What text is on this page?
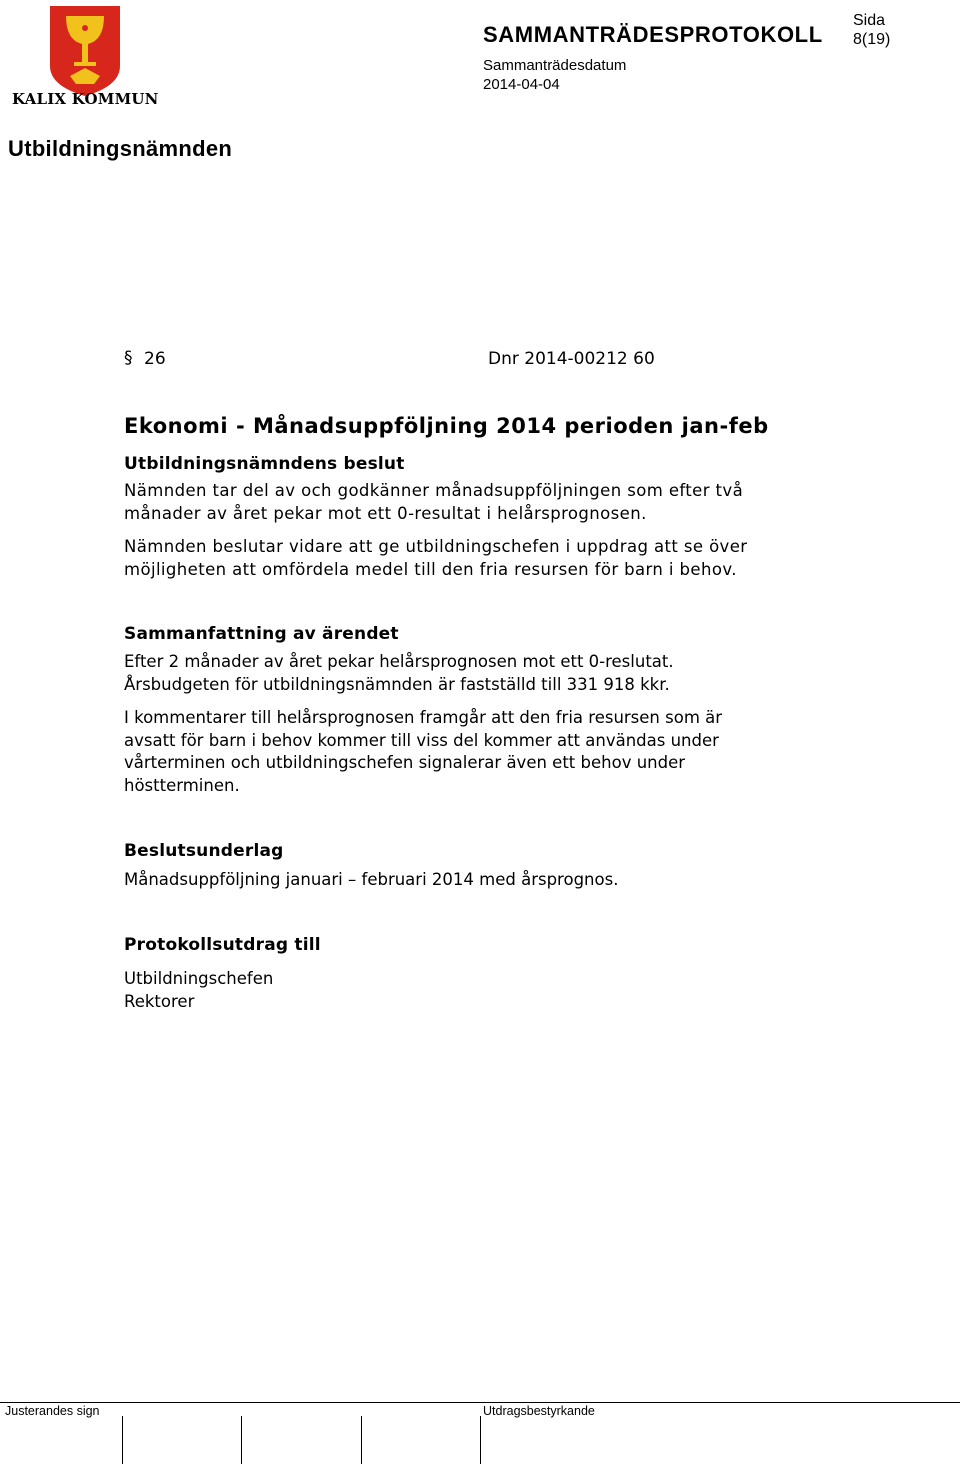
KALIX KOMMUN
SAMMANTRÄDESPROTOKOLL
Sida
8(19)
Sammanträdesdatum
2014-04-04
Utbildningsnämnden
§ 26	Dnr 2014-00212 60
Ekonomi - Månadsuppföljning 2014 perioden jan-feb
Utbildningsnämndens beslut
Nämnden tar del av och godkänner månadsuppföljningen som efter två
månader av året pekar mot ett 0-resultat i helårsprognosen.
Nämnden beslutar vidare att ge utbildningschefen i uppdrag att se över
möjligheten att omfördela medel till den fria resursen för barn i behov.
Sammanfattning av ärendet
Efter 2 månader av året pekar helårsprognosen mot ett 0-reslutat.
Årsbudgeten för utbildningsnämnden är fastställd till 331 918 kkr.
I kommentarer till helårsprognosen framgår att den fria resursen som är
avsatt för barn i behov kommer till viss del kommer att användas under
vårterminen och utbildningschefen signalerar även ett behov under
höstterminen.
Beslutsunderlag
Månadsuppföljning januari – februari 2014 med årsprognos.
Protokollsutdrag till
Utbildningschefen
Rektorer
Justerandes sign	Utdragsbestyrkande
